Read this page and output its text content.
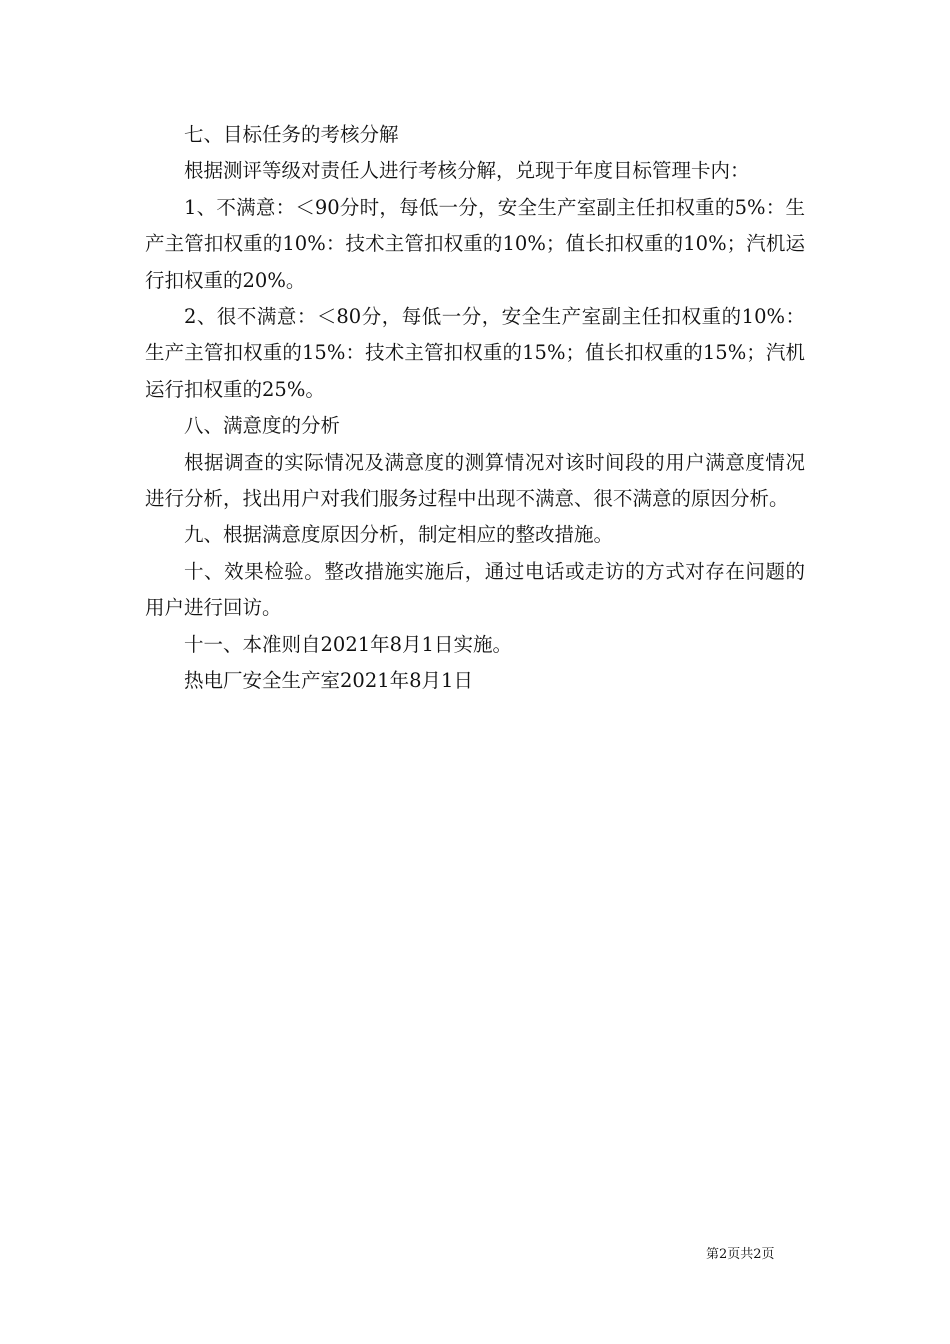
七、目标任务的考核分解

根据测评等级对责任人进行考核分解，兑现于年度目标管理卡内：

1、不满意：＜90分时，每低一分，安全生产室副主任扣权重的5%：生产主管扣权重的10%：技术主管扣权重的10%；值长扣权重的10%；汽机运行扣权重的20%。

2、很不满意：＜80分，每低一分，安全生产室副主任扣权重的10%：生产主管扣权重的15%：技术主管扣权重的15%；值长扣权重的15%；汽机运行扣权重的25%。

八、满意度的分析

根据调查的实际情况及满意度的测算情况对该时间段的用户满意度情况进行分析，找出用户对我们服务过程中出现不满意、很不满意的原因分析。

九、根据满意度原因分析，制定相应的整改措施。

十、效果检验。整改措施实施后，通过电话或走访的方式对存在问题的用户进行回访。

十一、本准则自2021年8月1日实施。

热电厂安全生产室2021年8月1日

第2页共2页
